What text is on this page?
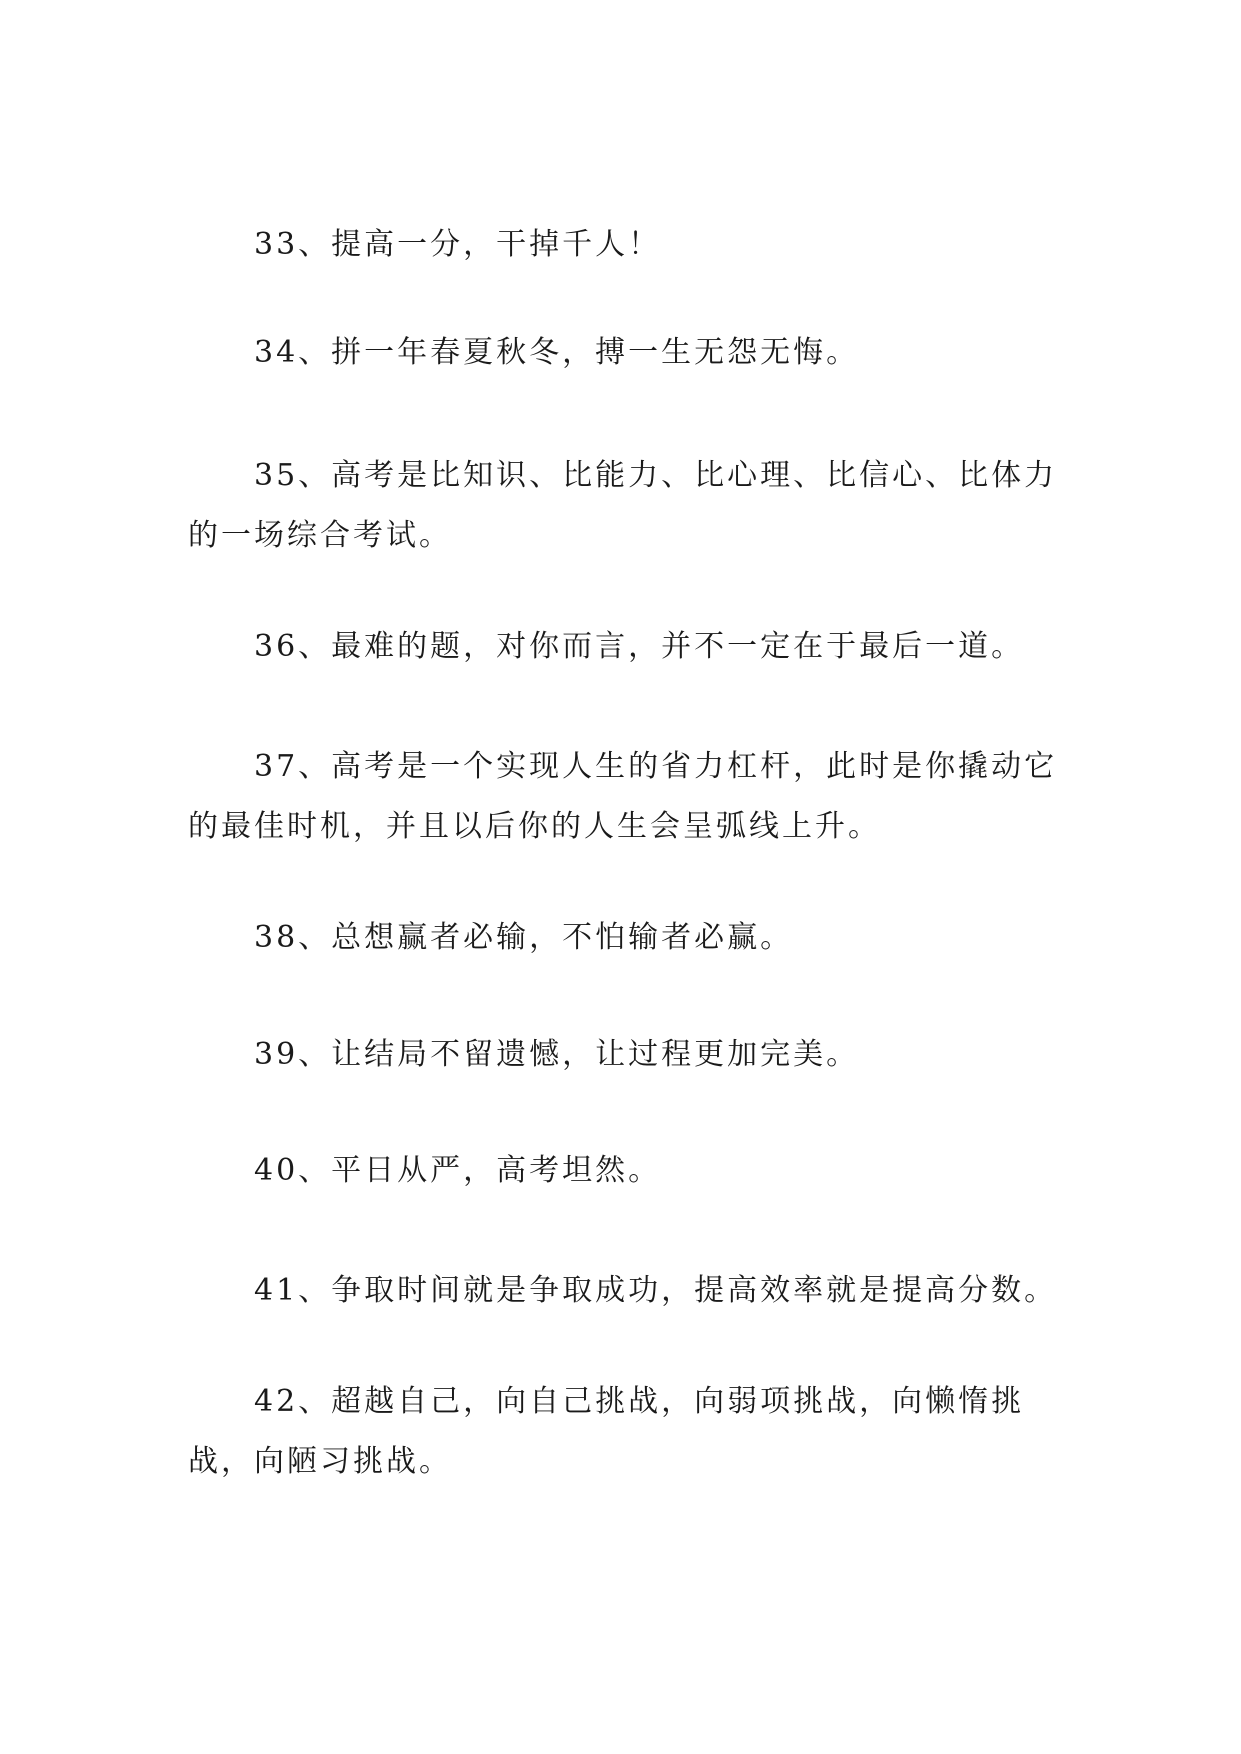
33、提高一分，干掉千人！

34、拼一年春夏秋冬，搏一生无怨无悔。

35、高考是比知识、比能力、比心理、比信心、比体力的一场综合考试。

36、最难的题，对你而言，并不一定在于最后一道。

37、高考是一个实现人生的省力杠杆，此时是你撬动它的最佳时机，并且以后你的人生会呈弧线上升。

38、总想赢者必输，不怕输者必赢。

39、让结局不留遗憾，让过程更加完美。

40、平日从严，高考坦然。

41、争取时间就是争取成功，提高效率就是提高分数。

42、超越自己，向自己挑战，向弱项挑战，向懒惰挑战，向陋习挑战。
